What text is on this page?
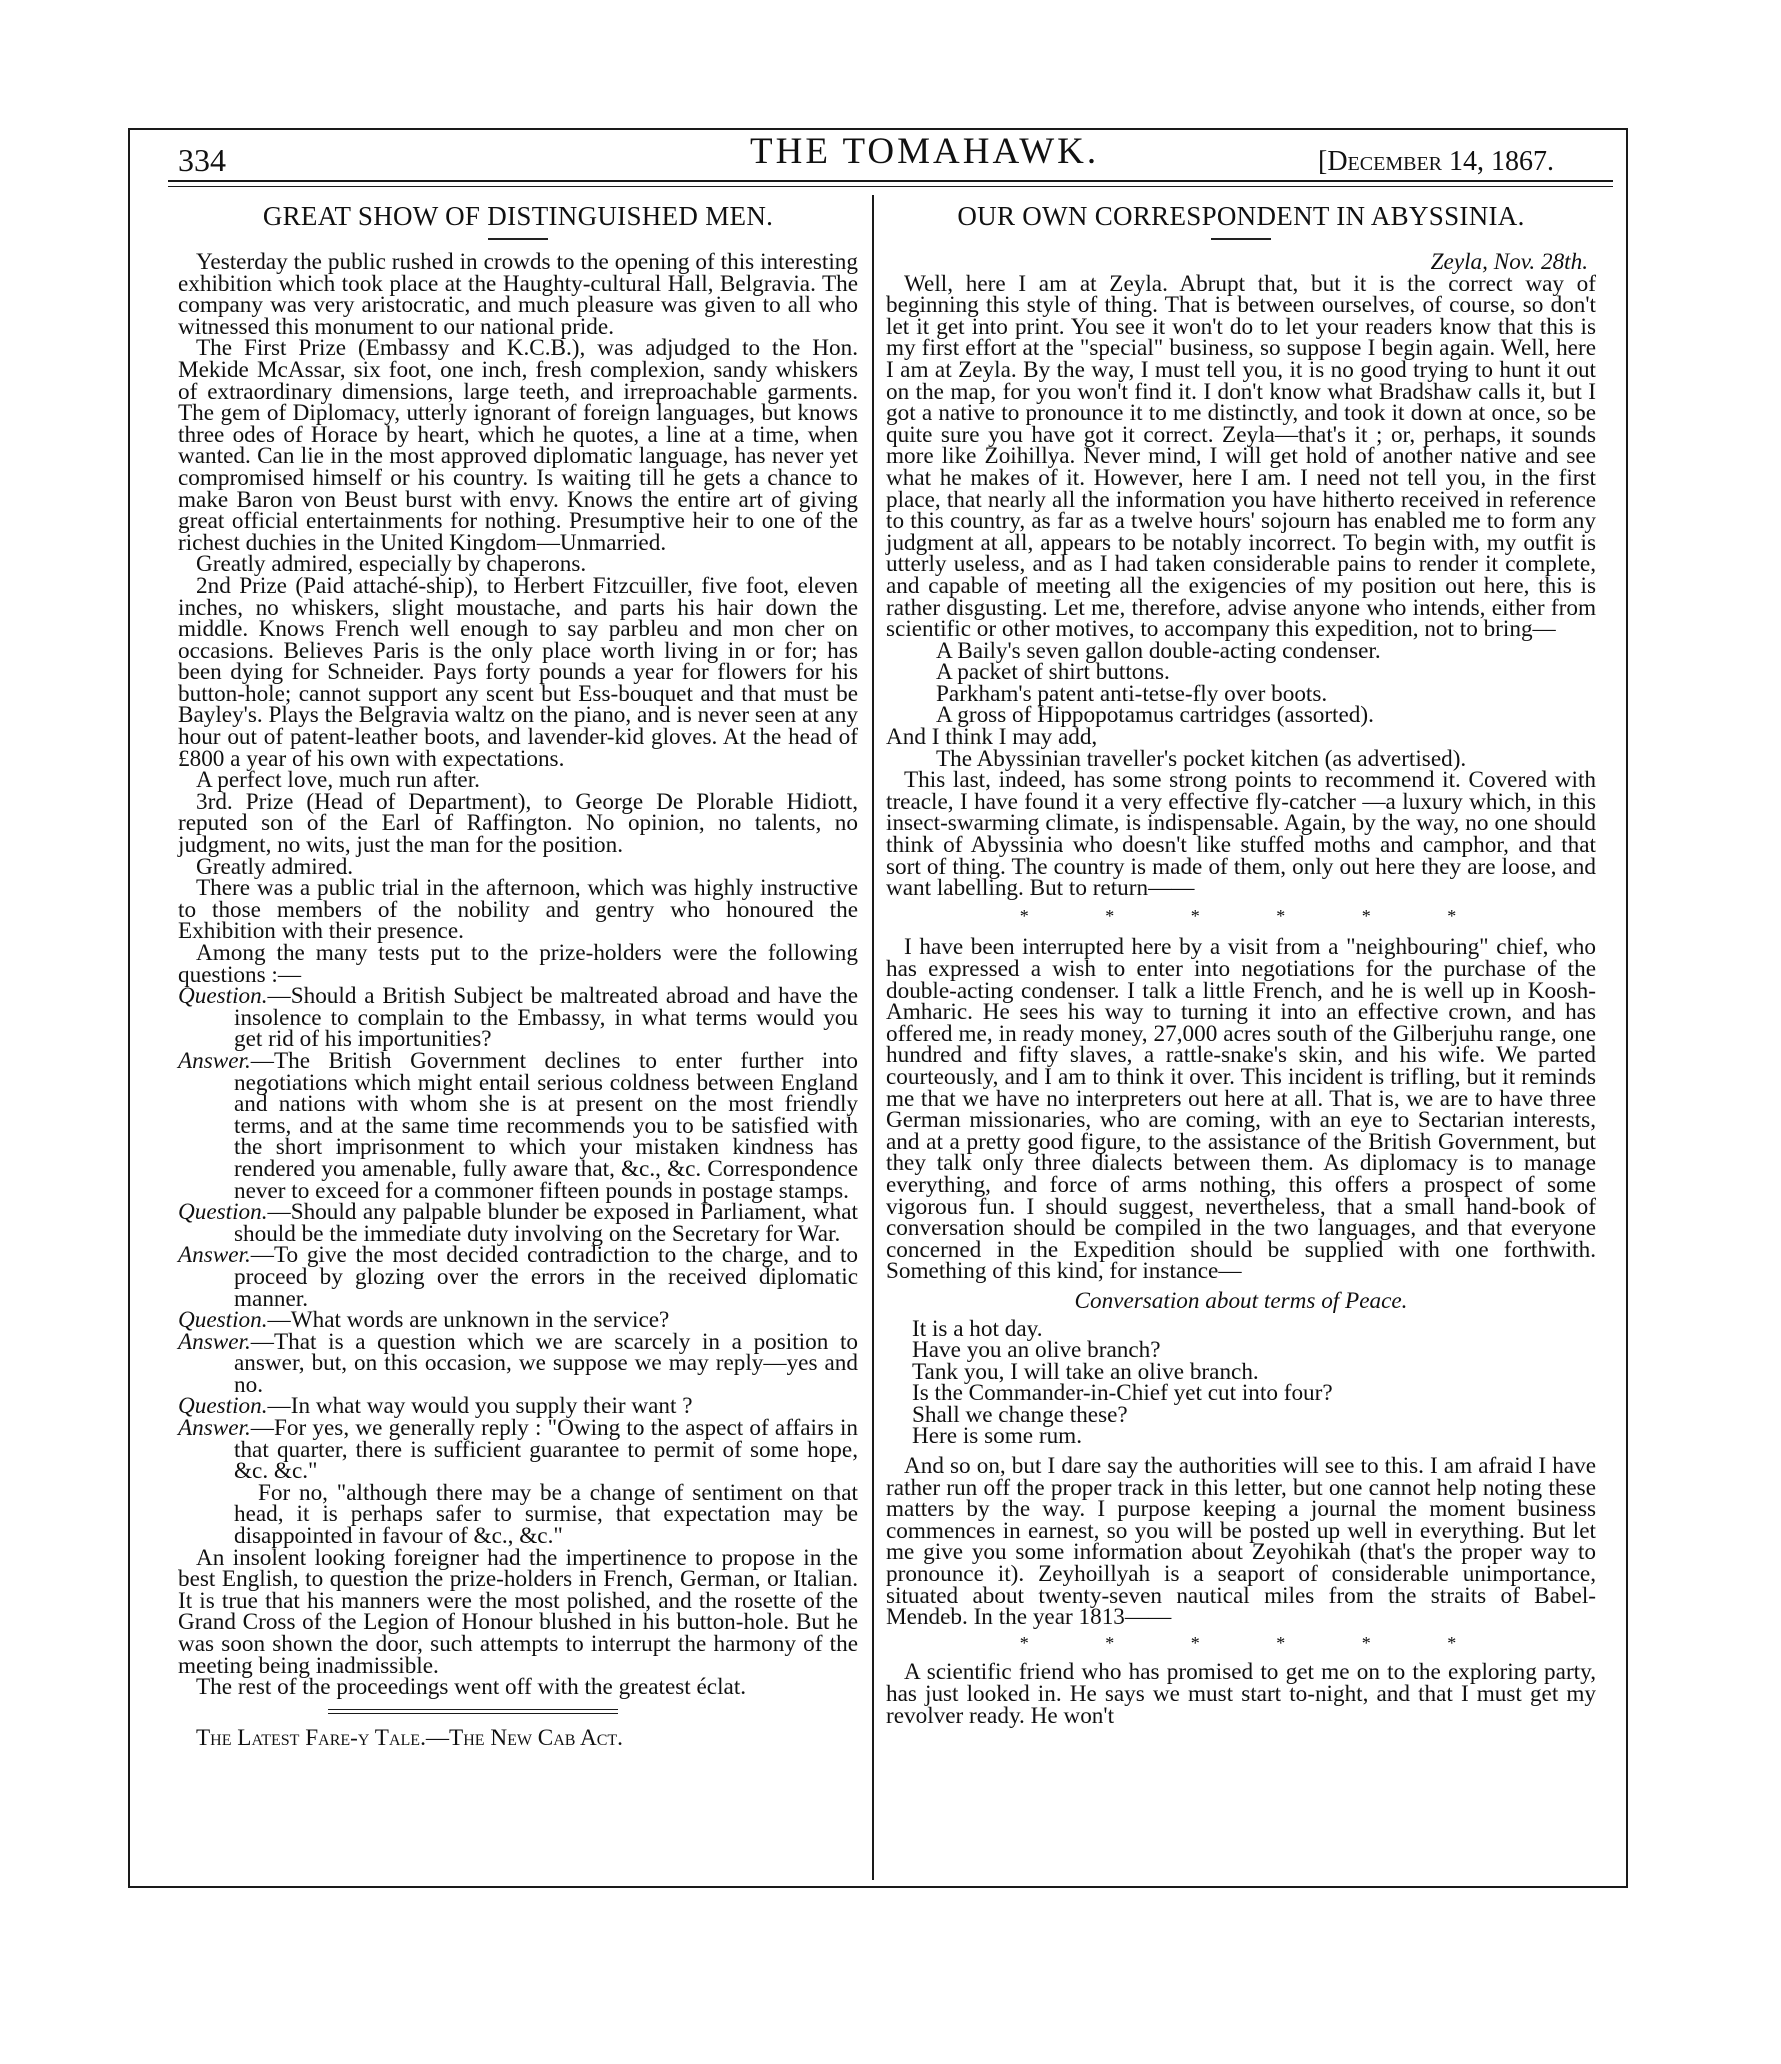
334	THE TOMAHAWK.	[December 14, 1867.
GREAT SHOW OF DISTINGUISHED MEN.

Yesterday the public rushed in crowds to the opening of this interesting exhibition which took place at the Haughty-cultural Hall, Belgravia. The company was very aristocratic, and much pleasure was given to all who witnessed this monument to our national pride.

The First Prize (Embassy and K.C.B.), was adjudged to the Hon. Mekide McAssar, six foot, one inch, fresh complexion, sandy whiskers of extraordinary dimensions, large teeth, and irreproachable garments. The gem of Diplomacy, utterly ignorant of foreign languages, but knows three odes of Horace by heart, which he quotes, a line at a time, when wanted. Can lie in the most approved diplomatic language, has never yet compromised himself or his country. Is waiting till he gets a chance to make Baron von Beust burst with envy. Knows the entire art of giving great official entertainments for nothing. Presumptive heir to one of the richest duchies in the United Kingdom—Unmarried.

Greatly admired, especially by chaperons.

2nd Prize (Paid attaché-ship), to Herbert Fitzcuiller, five foot, eleven inches, no whiskers, slight moustache, and parts his hair down the middle. Knows French well enough to say parbleu and mon cher on occasions. Believes Paris is the only place worth living in or for; has been dying for Schneider. Pays forty pounds a year for flowers for his button-hole; cannot support any scent but Ess-bouquet and that must be Bayley's. Plays the Belgravia waltz on the piano, and is never seen at any hour out of patent-leather boots, and lavender-kid gloves. At the head of £800 a year of his own with expectations.

A perfect love, much run after.

3rd. Prize (Head of Department), to George De Plorable Hidiott, reputed son of the Earl of Raffington. No opinion, no talents, no judgment, no wits, just the man for the position.

Greatly admired.

There was a public trial in the afternoon, which was highly instructive to those members of the nobility and gentry who honoured the Exhibition with their presence.

Among the many tests put to the prize-holders were the following questions :—

Question.—Should a British Subject be maltreated abroad and have the insolence to complain to the Embassy, in what terms would you get rid of his importunities?

Answer.—The British Government declines to enter further into negotiations which might entail serious coldness between England and nations with whom she is at present on the most friendly terms, and at the same time recommends you to be satisfied with the short imprisonment to which your mistaken kindness has rendered you amenable, fully aware that, &c., &c. Correspondence never to exceed for a commoner fifteen pounds in postage stamps.

Question.—Should any palpable blunder be exposed in Parliament, what should be the immediate duty involving on the Secretary for War.

Answer.—To give the most decided contradiction to the charge, and to proceed by glozing over the errors in the received diplomatic manner.

Question.—What words are unknown in the service?

Answer.—That is a question which we are scarcely in a position to answer, but, on this occasion, we suppose we may reply—yes and no.

Question.—In what way would you supply their want ?

Answer.—For yes, we generally reply : "Owing to the aspect of affairs in that quarter, there is sufficient guarantee to permit of some hope, &c. &c."

For no, "although there may be a change of sentiment on that head, it is perhaps safer to surmise, that expectation may be disappointed in favour of &c., &c."

An insolent looking foreigner had the impertinence to propose in the best English, to question the prize-holders in French, German, or Italian. It is true that his manners were the most polished, and the rosette of the Grand Cross of the Legion of Honour blushed in his button-hole. But he was soon shown the door, such attempts to interrupt the harmony of the meeting being inadmissible.

The rest of the proceedings went off with the greatest éclat.

The Latest Fare-y Tale.—The New Cab Act.

OUR OWN CORRESPONDENT IN ABYSSINIA.

Zeyla, Nov. 28th.

Well, here I am at Zeyla. Abrupt that, but it is the correct way of beginning this style of thing. That is between ourselves, of course, so don't let it get into print. You see it won't do to let your readers know that this is my first effort at the "special" business, so suppose I begin again. Well, here I am at Zeyla. By the way, I must tell you, it is no good trying to hunt it out on the map, for you won't find it. I don't know what Bradshaw calls it, but I got a native to pronounce it to me distinctly, and took it down at once, so be quite sure you have got it correct. Zeyla—that's it ; or, perhaps, it sounds more like Zoihillya. Never mind, I will get hold of another native and see what he makes of it. However, here I am. I need not tell you, in the first place, that nearly all the information you have hitherto received in reference to this country, as far as a twelve hours' sojourn has enabled me to form any judgment at all, appears to be notably incorrect. To begin with, my outfit is utterly useless, and as I had taken considerable pains to render it complete, and capable of meeting all the exigencies of my position out here, this is rather disgusting. Let me, therefore, advise anyone who intends, either from scientific or other motives, to accompany this expedition, not to bring—

A Baily's seven gallon double-acting condenser.

A packet of shirt buttons.

Parkham's patent anti-tetse-fly over boots.

A gross of Hippopotamus cartridges (assorted).

And I think I may add,

The Abyssinian traveller's pocket kitchen (as advertised).

This last, indeed, has some strong points to recommend it. Covered with treacle, I have found it a very effective fly-catcher —a luxury which, in this insect-swarming climate, is indispensable. Again, by the way, no one should think of Abyssinia who doesn't like stuffed moths and camphor, and that sort of thing. The country is made of them, only out here they are loose, and want labelling. But to return——

* * * * * *

I have been interrupted here by a visit from a "neighbouring" chief, who has expressed a wish to enter into negotiations for the purchase of the double-acting condenser. I talk a little French, and he is well up in Koosh-Amharic. He sees his way to turning it into an effective crown, and has offered me, in ready money, 27,000 acres south of the Gilberjuhu range, one hundred and fifty slaves, a rattle-snake's skin, and his wife. We parted courteously, and I am to think it over. This incident is trifling, but it reminds me that we have no interpreters out here at all. That is, we are to have three German missionaries, who are coming, with an eye to Sectarian interests, and at a pretty good figure, to the assistance of the British Government, but they talk only three dialects between them. As diplomacy is to manage everything, and force of arms nothing, this offers a prospect of some vigorous fun. I should suggest, nevertheless, that a small hand-book of conversation should be compiled in the two languages, and that everyone concerned in the Expedition should be supplied with one forthwith. Something of this kind, for instance—

Conversation about terms of Peace.

It is a hot day.

Have you an olive branch?

Tank you, I will take an olive branch.

Is the Commander-in-Chief yet cut into four?

Shall we change these?

Here is some rum.

And so on, but I dare say the authorities will see to this. I am afraid I have rather run off the proper track in this letter, but one cannot help noting these matters by the way. I purpose keeping a journal the moment business commences in earnest, so you will be posted up well in everything. But let me give you some information about Zeyohikah (that's the proper way to pronounce it). Zeyhoillyah is a seaport of considerable unimportance, situated about twenty-seven nautical miles from the straits of Babel-Mendeb. In the year 1813——

* * * * * *

A scientific friend who has promised to get me on to the exploring party, has just looked in. He says we must start to-night, and that I must get my revolver ready. He won't
